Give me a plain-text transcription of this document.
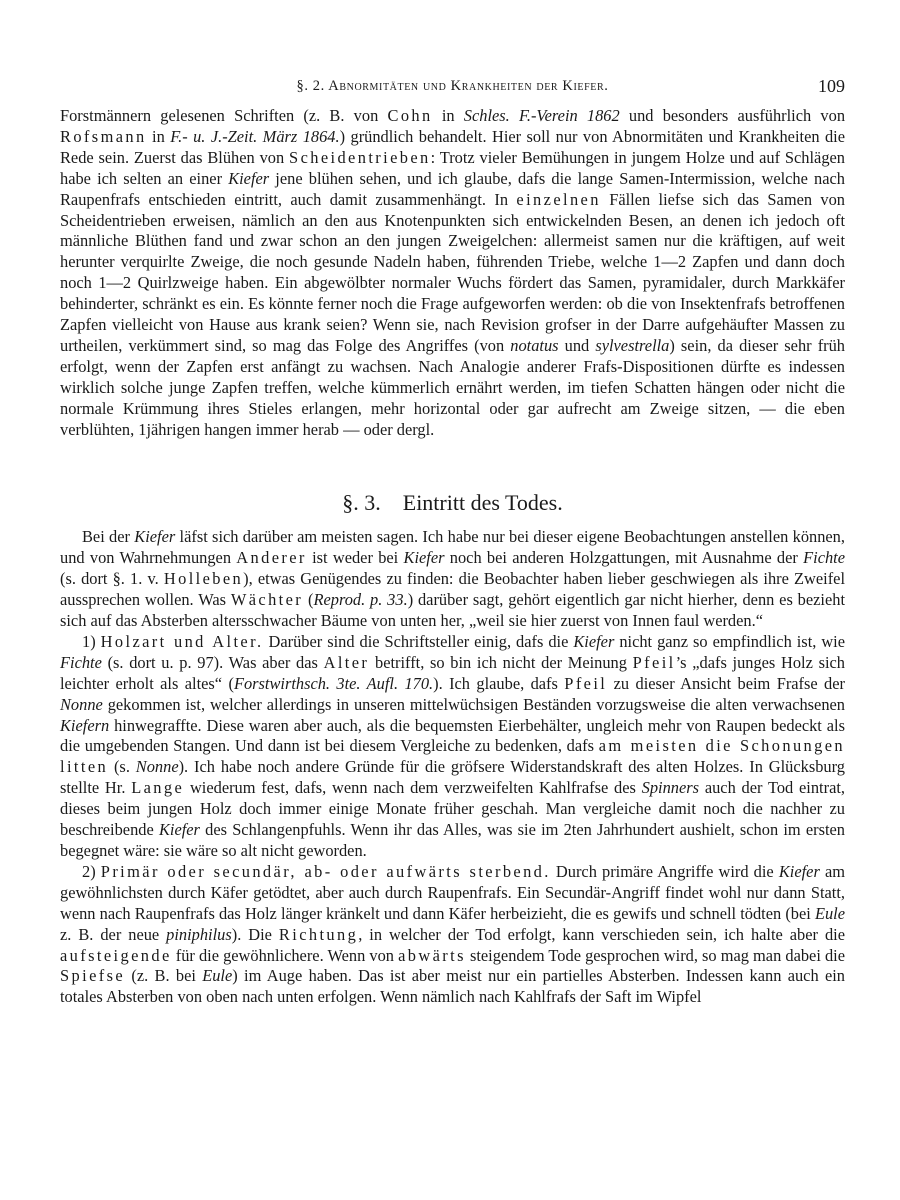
§. 2. Abnormitäten und Krankheiten der Kiefer.	109

Forstmännern gelesenen Schriften (z. B. von Cohn in Schles. F.-Verein 1862 und besonders ausführlich von Rofsmann in F.- u. J.-Zeit. März 1864.) gründlich behandelt. Hier soll nur von Abnormitäten und Krankheiten die Rede sein. Zuerst das Blühen von Scheidentrieben: Trotz vieler Bemühungen in jungem Holze und auf Schlägen habe ich selten an einer Kiefer jene blühen sehen, und ich glaube, dafs die lange Samen-Intermission, welche nach Raupenfrafs entschieden eintritt, auch damit zusammenhängt. In einzelnen Fällen liefse sich das Samen von Scheidentrieben erweisen, nämlich an den aus Knotenpunkten sich entwickelnden Besen, an denen ich jedoch oft männliche Blüthen fand und zwar schon an den jungen Zweigelchen: allermeist samen nur die kräftigen, auf weit herunter verquirlte Zweige, die noch gesunde Nadeln haben, führenden Triebe, welche 1—2 Zapfen und dann doch noch 1—2 Quirlzweige haben. Ein abgewölbter normaler Wuchs fördert das Samen, pyramidaler, durch Markkäfer behinderter, schränkt es ein. Es könnte ferner noch die Frage aufgeworfen werden: ob die von Insektenfrafs betroffenen Zapfen vielleicht von Hause aus krank seien? Wenn sie, nach Revision grofser in der Darre aufgehäufter Massen zu urtheilen, verkümmert sind, so mag das Folge des Angriffes (von notatus und sylvestrella) sein, da dieser sehr früh erfolgt, wenn der Zapfen erst anfängt zu wachsen. Nach Analogie anderer Frafs-Dispositionen dürfte es indessen wirklich solche junge Zapfen treffen, welche kümmerlich ernährt werden, im tiefen Schatten hängen oder nicht die normale Krümmung ihres Stieles erlangen, mehr horizontal oder gar aufrecht am Zweige sitzen, — die eben verblühten, 1jährigen hangen immer herab — oder dergl.

§. 3. Eintritt des Todes.

Bei der Kiefer läfst sich darüber am meisten sagen. Ich habe nur bei dieser eigene Beobachtungen anstellen können, und von Wahrnehmungen Anderer ist weder bei Kiefer noch bei anderen Holzgattungen, mit Ausnahme der Fichte (s. dort §. 1. v. Holleben), etwas Genügendes zu finden: die Beobachter haben lieber geschwiegen als ihre Zweifel aussprechen wollen. Was Wächter (Reprod. p. 33.) darüber sagt, gehört eigentlich gar nicht hierher, denn es bezieht sich auf das Absterben altersschwacher Bäume von unten her, „weil sie hier zuerst von Innen faul werden.“

1) Holzart und Alter. Darüber sind die Schriftsteller einig, dafs die Kiefer nicht ganz so empfindlich ist, wie Fichte (s. dort u. p. 97). Was aber das Alter betrifft, so bin ich nicht der Meinung Pfeil’s „dafs junges Holz sich leichter erholt als altes“ (Forstwirthsch. 3te. Aufl. 170.). Ich glaube, dafs Pfeil zu dieser Ansicht beim Frafse der Nonne gekommen ist, welcher allerdings in unseren mittelwüchsigen Beständen vorzugsweise die alten verwachsenen Kiefern hinwegraffte. Diese waren aber auch, als die bequemsten Eierbehälter, ungleich mehr von Raupen bedeckt als die umgebenden Stangen. Und dann ist bei diesem Vergleiche zu bedenken, dafs am meisten die Schonungen litten (s. Nonne). Ich habe noch andere Gründe für die gröfsere Widerstandskraft des alten Holzes. In Glücksburg stellte Hr. Lange wiederum fest, dafs, wenn nach dem verzweifelten Kahlfrafse des Spinners auch der Tod eintrat, dieses beim jungen Holz doch immer einige Monate früher geschah. Man vergleiche damit noch die nachher zu beschreibende Kiefer des Schlangenpfuhls. Wenn ihr das Alles, was sie im 2ten Jahrhundert aushielt, schon im ersten begegnet wäre: sie wäre so alt nicht geworden.

2) Primär oder secundär, ab- oder aufwärts sterbend. Durch primäre Angriffe wird die Kiefer am gewöhnlichsten durch Käfer getödtet, aber auch durch Raupenfrafs. Ein Secundär-Angriff findet wohl nur dann Statt, wenn nach Raupenfrafs das Holz länger kränkelt und dann Käfer herbeizieht, die es gewifs und schnell tödten (bei Eule z. B. der neue piniphilus). Die Richtung, in welcher der Tod erfolgt, kann verschieden sein, ich halte aber die aufsteigende für die gewöhnlichere. Wenn von abwärts steigendem Tode gesprochen wird, so mag man dabei die Spiefse (z. B. bei Eule) im Auge haben. Das ist aber meist nur ein partielles Absterben. Indessen kann auch ein totales Absterben von oben nach unten erfolgen. Wenn nämlich nach Kahlfrafs der Saft im Wipfel
